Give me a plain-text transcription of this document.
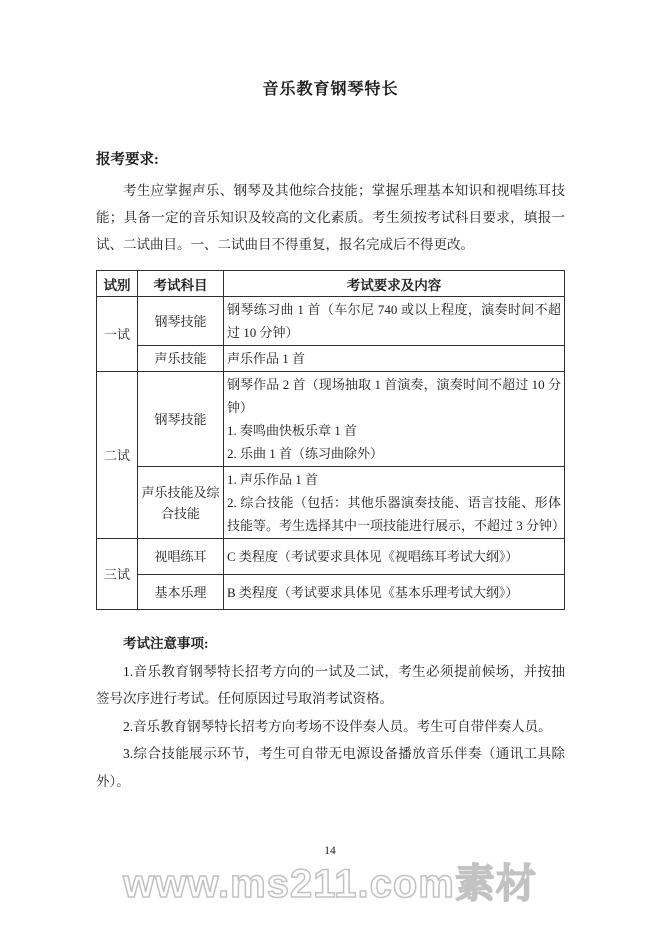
音乐教育钢琴特长
报考要求:
考生应掌握声乐、钢琴及其他综合技能；掌握乐理基本知识和视唱练耳技能；具备一定的音乐知识及较高的文化素质。考生须按考试科目要求，填报一试、二试曲目。一、二试曲目不得重复，报名完成后不得更改。
试别	考试科目	考试要求及内容
一试	钢琴技能	钢琴练习曲 1 首（车尔尼 740 或以上程度，演奏时间不超过 10 分钟）

	声乐技能	声乐作品 1 首

二试	钢琴技能	钢琴作品 2 首（现场抽取 1 首演奏，演奏时间不超过 10 分钟）
1. 奏鸣曲快板乐章 1 首
2. 乐曲 1 首（练习曲除外）

	声乐技能及综合技能	1. 声乐作品 1 首
2. 综合技能（包括：其他乐器演奏技能、语言技能、形体技能等。考生选择其中一项技能进行展示，不超过 3 分钟）

三试	视唱练耳	C 类程度（考试要求具体见《视唱练耳考试大纲》）

	基本乐理	B 类程度（考试要求具体见《基本乐理考试大纲》）
考试注意事项:
1.音乐教育钢琴特长招考方向的一试及二试，考生必须提前候场，并按抽签号次序进行考试。任何原因过号取消考试资格。
2.音乐教育钢琴特长招考方向考场不设伴奏人员。考生可自带伴奏人员。
3.综合技能展示环节，考生可自带无电源设备播放音乐伴奏（通讯工具除外）。
14
www.ms211.com素材
